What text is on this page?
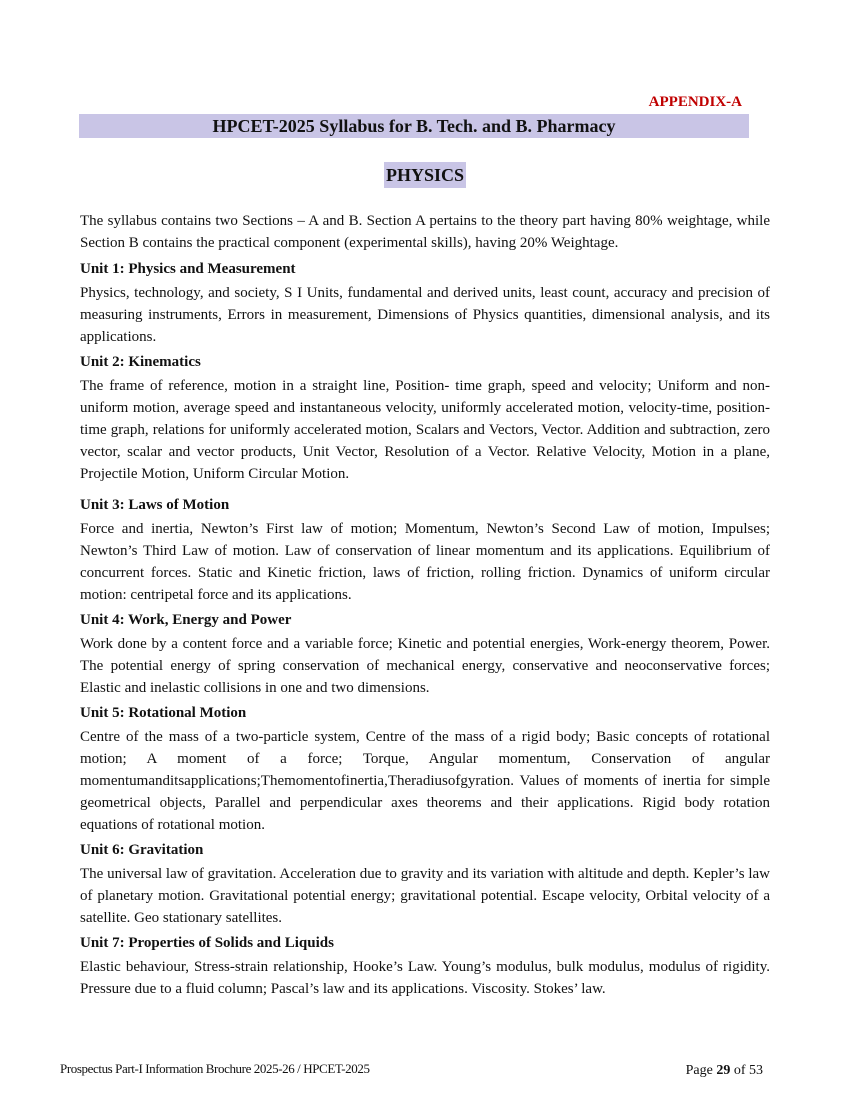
APPENDIX-A
HPCET-2025 Syllabus for B. Tech. and B. Pharmacy
PHYSICS

The syllabus contains two Sections – A and B. Section A pertains to the theory part having 80% weightage, while Section B contains the practical component (experimental skills), having 20% Weightage.

Unit 1: Physics and Measurement

Physics, technology, and society, S I Units, fundamental and derived units, least count, accuracy and precision of measuring instruments, Errors in measurement, Dimensions of Physics quantities, dimensional analysis, and its applications.

Unit 2: Kinematics

The frame of reference, motion in a straight line, Position- time graph, speed and velocity; Uniform and non-uniform motion, average speed and instantaneous velocity, uniformly accelerated motion, velocity-time, position-time graph, relations for uniformly accelerated motion, Scalars and Vectors, Vector. Addition and subtraction, zero vector, scalar and vector products, Unit Vector, Resolution of a Vector. Relative Velocity, Motion in a plane, Projectile Motion, Uniform Circular Motion.

Unit 3: Laws of Motion

Force and inertia, Newton’s First law of motion; Momentum, Newton’s Second Law of motion, Impulses; Newton’s Third Law of motion. Law of conservation of linear momentum and its applications. Equilibrium of concurrent forces. Static and Kinetic friction, laws of friction, rolling friction. Dynamics of uniform circular motion: centripetal force and its applications.

Unit 4: Work, Energy and Power

Work done by a content force and a variable force; Kinetic and potential energies, Work-energy theorem, Power. The potential energy of spring conservation of mechanical energy, conservative and neoconservative forces; Elastic and inelastic collisions in one and two dimensions.

Unit 5: Rotational Motion

Centre of the mass of a two-particle system, Centre of the mass of a rigid body; Basic concepts of rotational motion; A moment of a force; Torque, Angular momentum, Conservation of angular momentumanditsapplications;Themomentofinertia,Theradiusofgyration. Values of moments of inertia for simple geometrical objects, Parallel and perpendicular axes theorems and their applications. Rigid body rotation equations of rotational motion.

Unit 6: Gravitation

The universal law of gravitation. Acceleration due to gravity and its variation with altitude and depth. Kepler’s law of planetary motion. Gravitational potential energy; gravitational potential. Escape velocity, Orbital velocity of a satellite. Geo stationary satellites.

Unit 7: Properties of Solids and Liquids

Elastic behaviour, Stress-strain relationship, Hooke’s Law. Young’s modulus, bulk modulus, modulus of rigidity. Pressure due to a fluid column; Pascal’s law and its applications. Viscosity. Stokes’ law.

Prospectus Part-I Information Brochure 2025-26 / HPCET-2025	Page 29 of 53
